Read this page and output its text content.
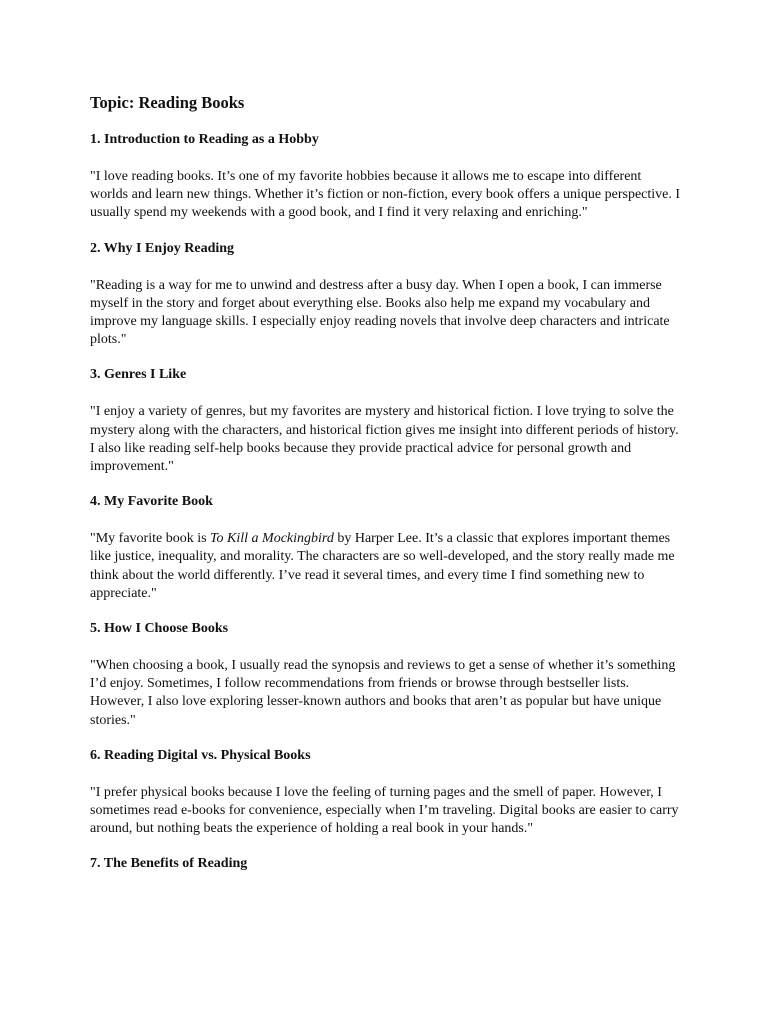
Topic: Reading Books
1. Introduction to Reading as a Hobby

"I love reading books. It’s one of my favorite hobbies because it allows me to escape into different worlds and learn new things. Whether it’s fiction or non-fiction, every book offers a unique perspective. I usually spend my weekends with a good book, and I find it very relaxing and enriching."

2. Why I Enjoy Reading

"Reading is a way for me to unwind and destress after a busy day. When I open a book, I can immerse myself in the story and forget about everything else. Books also help me expand my vocabulary and improve my language skills. I especially enjoy reading novels that involve deep characters and intricate plots."

3. Genres I Like

"I enjoy a variety of genres, but my favorites are mystery and historical fiction. I love trying to solve the mystery along with the characters, and historical fiction gives me insight into different periods of history. I also like reading self-help books because they provide practical advice for personal growth and improvement."

4. My Favorite Book

"My favorite book is To Kill a Mockingbird by Harper Lee. It’s a classic that explores important themes like justice, inequality, and morality. The characters are so well-developed, and the story really made me think about the world differently. I’ve read it several times, and every time I find something new to appreciate."

5. How I Choose Books

"When choosing a book, I usually read the synopsis and reviews to get a sense of whether it’s something I’d enjoy. Sometimes, I follow recommendations from friends or browse through bestseller lists. However, I also love exploring lesser-known authors and books that aren’t as popular but have unique stories."

6. Reading Digital vs. Physical Books

"I prefer physical books because I love the feeling of turning pages and the smell of paper. However, I sometimes read e-books for convenience, especially when I’m traveling. Digital books are easier to carry around, but nothing beats the experience of holding a real book in your hands."

7. The Benefits of Reading
